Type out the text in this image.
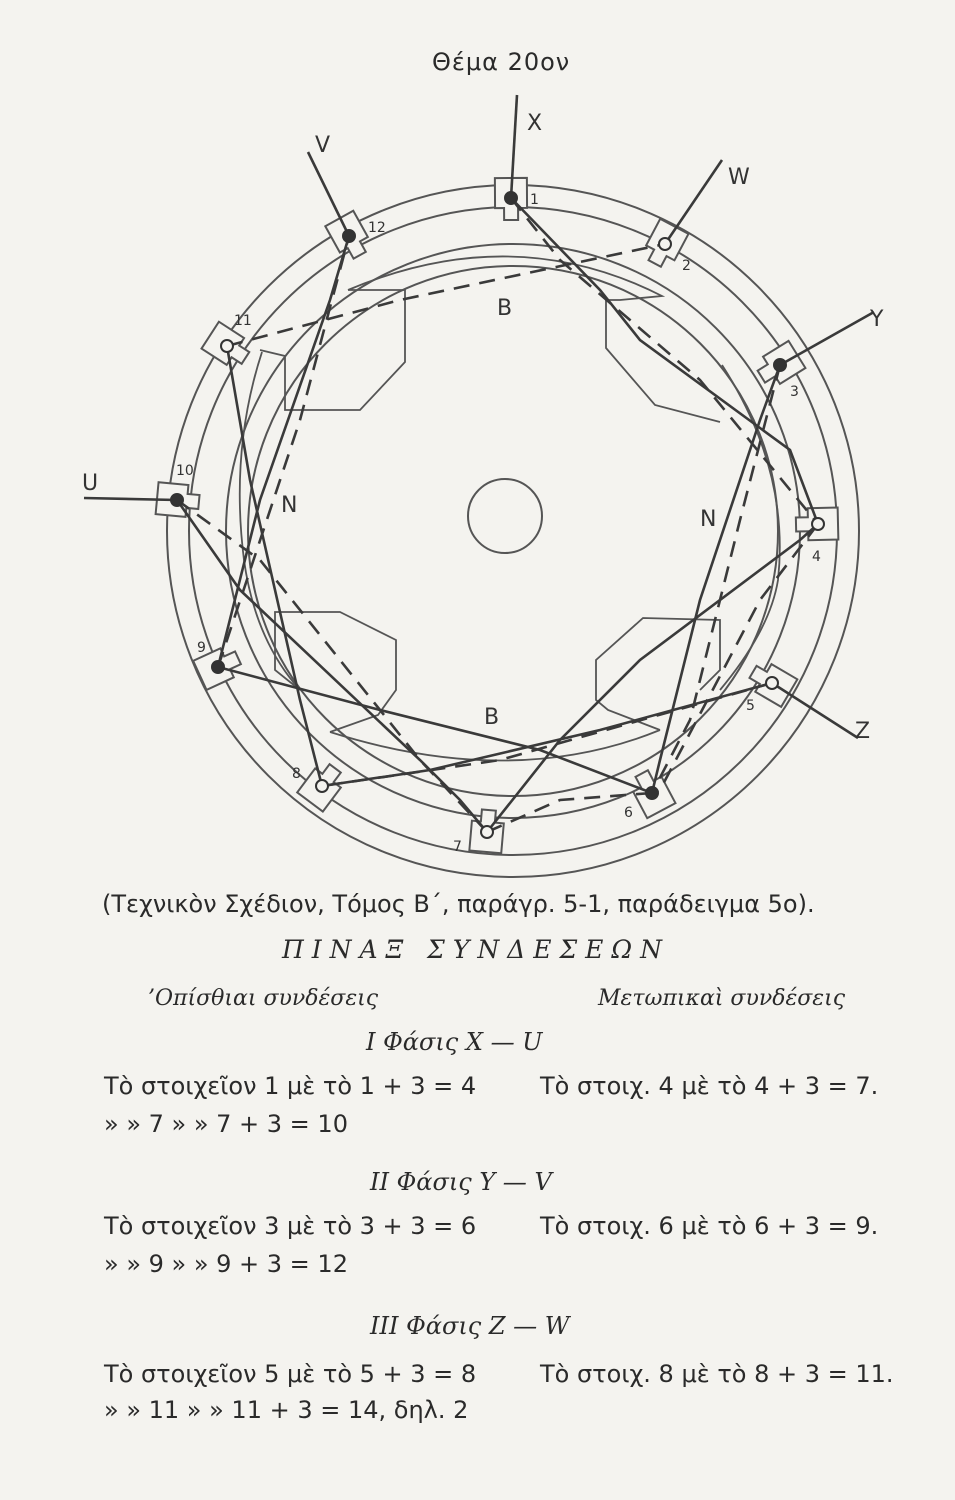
1
2
3
4
5
6
7
8
9
10
11
12
X
W
Y
Z
U
V
B
B
N
N
Θέμα 20ον
(Τεχνικὸν Σχέδιον, Τόμος Β΄, παράγρ. 5-1, παράδειγμα 5ο).
ΠΙΝΑΞ ΣΥΝΔΕΣΕΩΝ
’Οπίσθιαι συνδέσεις	Μετωπικαὶ συνδέσεις
I Φάσις X — U
Τὸ στοιχεῖον 1 μὲ τὸ 1 + 3 = 4	Τὸ στοιχ. 4 μὲ τὸ 4 + 3 = 7.
» » 7 » » 7 + 3 = 10
II Φάσις Y — V
Τὸ στοιχεῖον 3 μὲ τὸ 3 + 3 = 6	Τὸ στοιχ. 6 μὲ τὸ 6 + 3 = 9.
» » 9 » » 9 + 3 = 12
III Φάσις Z — W
Τὸ στοιχεῖον 5 μὲ τὸ 5 + 3 = 8	Τὸ στοιχ. 8 μὲ τὸ 8 + 3 = 11.
» » 11 » » 11 + 3 = 14, δηλ. 2
